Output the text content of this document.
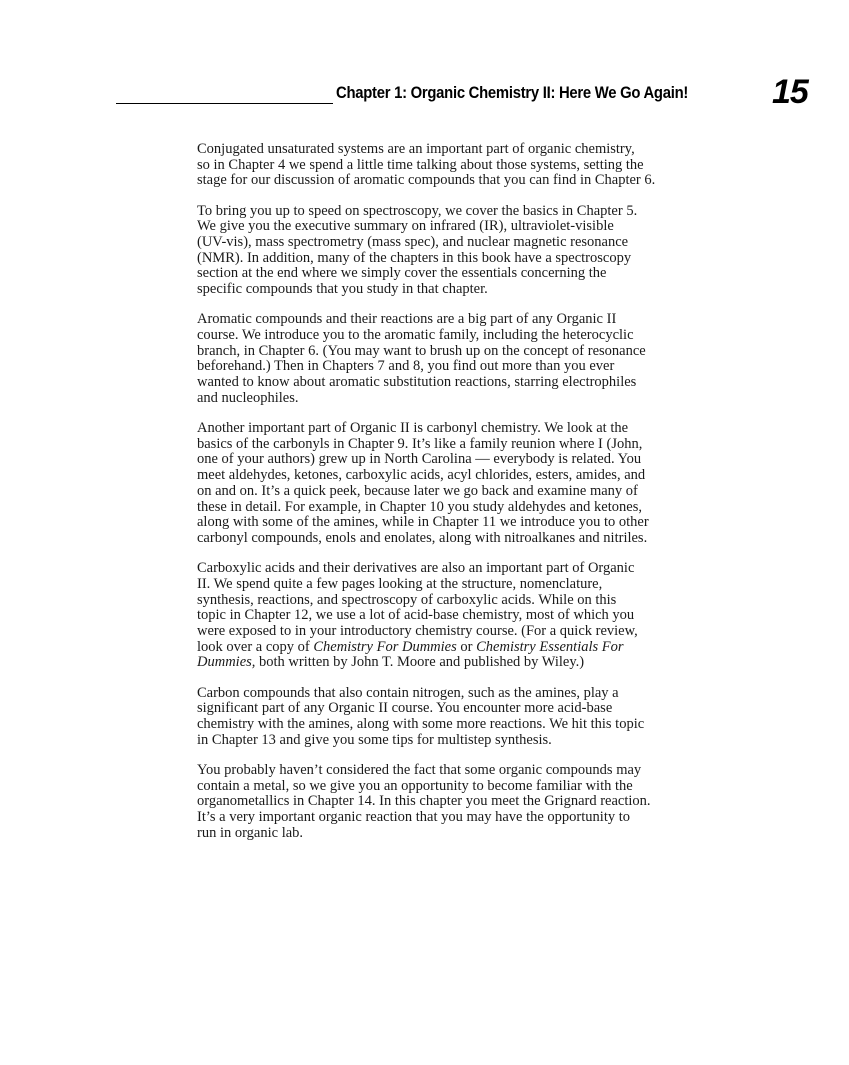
Chapter 1: Organic Chemistry II: Here We Go Again! 15

Conjugated unsaturated systems are an important part of organic chemistry,
so in Chapter 4 we spend a little time talking about those systems, setting the
stage for our discussion of aromatic compounds that you can find in Chapter 6.

To bring you up to speed on spectroscopy, we cover the basics in Chapter 5.
We give you the executive summary on infrared (IR), ultraviolet-visible
(UV-vis), mass spectrometry (mass spec), and nuclear magnetic resonance
(NMR). In addition, many of the chapters in this book have a spectroscopy
section at the end where we simply cover the essentials concerning the
specific compounds that you study in that chapter.

Aromatic compounds and their reactions are a big part of any Organic II
course. We introduce you to the aromatic family, including the heterocyclic
branch, in Chapter 6. (You may want to brush up on the concept of resonance
beforehand.) Then in Chapters 7 and 8, you find out more than you ever
wanted to know about aromatic substitution reactions, starring electrophiles
and nucleophiles.

Another important part of Organic II is carbonyl chemistry. We look at the
basics of the carbonyls in Chapter 9. It’s like a family reunion where I (John,
one of your authors) grew up in North Carolina — everybody is related. You
meet aldehydes, ketones, carboxylic acids, acyl chlorides, esters, amides, and
on and on. It’s a quick peek, because later we go back and examine many of
these in detail. For example, in Chapter 10 you study aldehydes and ketones,
along with some of the amines, while in Chapter 11 we introduce you to other
carbonyl compounds, enols and enolates, along with nitroalkanes and nitriles.

Carboxylic acids and their derivatives are also an important part of Organic
II. We spend quite a few pages looking at the structure, nomenclature,
synthesis, reactions, and spectroscopy of carboxylic acids. While on this
topic in Chapter 12, we use a lot of acid-base chemistry, most of which you
were exposed to in your introductory chemistry course. (For a quick review,
look over a copy of Chemistry For Dummies or Chemistry Essentials For
Dummies, both written by John T. Moore and published by Wiley.)

Carbon compounds that also contain nitrogen, such as the amines, play a
significant part of any Organic II course. You encounter more acid-base
chemistry with the amines, along with some more reactions. We hit this topic
in Chapter 13 and give you some tips for multistep synthesis.

You probably haven’t considered the fact that some organic compounds may
contain a metal, so we give you an opportunity to become familiar with the
organometallics in Chapter 14. In this chapter you meet the Grignard reaction.
It’s a very important organic reaction that you may have the opportunity to
run in organic lab.
